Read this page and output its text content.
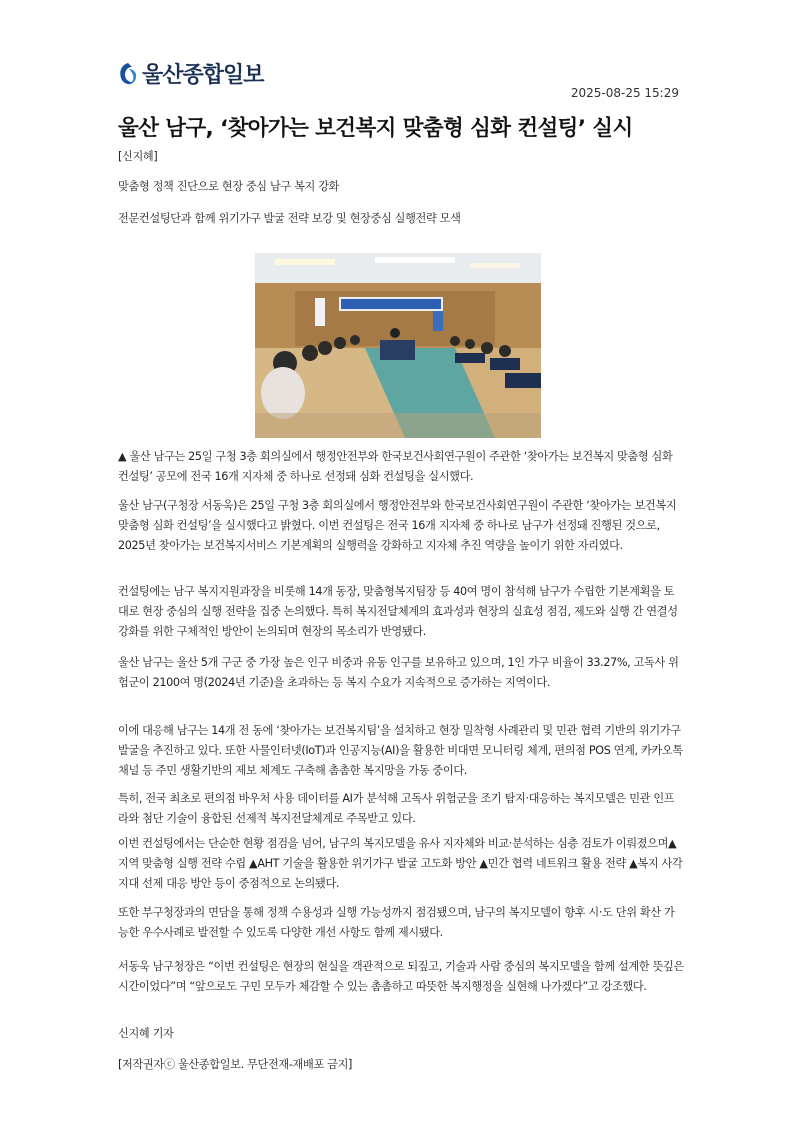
울산종합일보
2025-08-25 15:29
울산 남구, ‘찾아가는 보건복지 맞춤형 심화 컨설팅’ 실시

[신지혜]

맞춤형 정책 진단으로 현장 중심 남구 복지 강화

전문컨설팅단과 함께 위기가구 발굴 전략 보강 및 현장중심 실행전략 모색

▲ 울산 남구는 25일 구청 3층 회의실에서 행정안전부와 한국보건사회연구원이 주관한 ‘찾아가는 보건복지 맞춤형 심화 컨설팅’ 공모에 전국 16개 지자체 중 하나로 선정돼 심화 컨설팅을 실시했다.

울산 남구(구청장 서동욱)은 25일 구청 3층 회의실에서 행정안전부와 한국보건사회연구원이 주관한 ‘찾아가는 보건복지 맞춤형 심화 컨설팅’을 실시했다고 밝혔다. 이번 컨설팅은 전국 16개 지자체 중 하나로 남구가 선정돼 진행된 것으로, 2025년 찾아가는 보건복지서비스 기본계획의 실행력을 강화하고 지자체 추진 역량을 높이기 위한 자리였다.

컨설팅에는 남구 복지지원과장을 비롯해 14개 동장, 맞춤형복지팀장 등 40여 명이 참석해 남구가 수립한 기본계획을 토대로 현장 중심의 실행 전략을 집중 논의했다. 특히 복지전달체계의 효과성과 현장의 실효성 점검, 제도와 실행 간 연결성 강화를 위한 구체적인 방안이 논의되며 현장의 목소리가 반영됐다.

울산 남구는 울산 5개 구군 중 가장 높은 인구 비중과 유동 인구를 보유하고 있으며, 1인 가구 비율이 33.27%, 고독사 위험군이 2100여 명(2024년 기준)을 초과하는 등 복지 수요가 지속적으로 증가하는 지역이다.

이에 대응해 남구는 14개 전 동에 ‘찾아가는 보건복지팀’을 설치하고 현장 밀착형 사례관리 및 민관 협력 기반의 위기가구 발굴을 추진하고 있다. 또한 사물인터넷(IoT)과 인공지능(AI)을 활용한 비대면 모니터링 체계, 편의점 POS 연계, 카카오톡 채널 등 주민 생활기반의 제보 체계도 구축해 촘촘한 복지망을 가동 중이다.

특히, 전국 최초로 편의점 바우처 사용 데이터를 AI가 분석해 고독사 위험군을 조기 탐지·대응하는 복지모델은 민관 인프라와 첨단 기술이 융합된 선제적 복지전달체계로 주목받고 있다.

이번 컨설팅에서는 단순한 현황 점검을 넘어, 남구의 복지모델을 유사 지자체와 비교·분석하는 심층 검토가 이뤄졌으며▲지역 맞춤형 실행 전략 수립 ▲AHT 기술을 활용한 위기가구 발굴 고도화 방안 ▲민간 협력 네트워크 활용 전략 ▲복지 사각지대 선제 대응 방안 등이 중점적으로 논의됐다.

또한 부구청장과의 면담을 통해 정책 수용성과 실행 가능성까지 점검됐으며, 남구의 복지모델이 향후 시·도 단위 확산 가능한 우수사례로 발전할 수 있도록 다양한 개선 사항도 함께 제시됐다.

서동욱 남구청장은 “이번 컨설팅은 현장의 현실을 객관적으로 되짚고, 기술과 사람 중심의 복지모델을 함께 설계한 뜻깊은 시간이었다”며 “앞으로도 구민 모두가 체감할 수 있는 촘촘하고 따뜻한 복지행정을 실현해 나가겠다”고 강조했다.

신지혜 기자

[저작권자ⓒ 울산종합일보. 무단전재-재배포 금지]
